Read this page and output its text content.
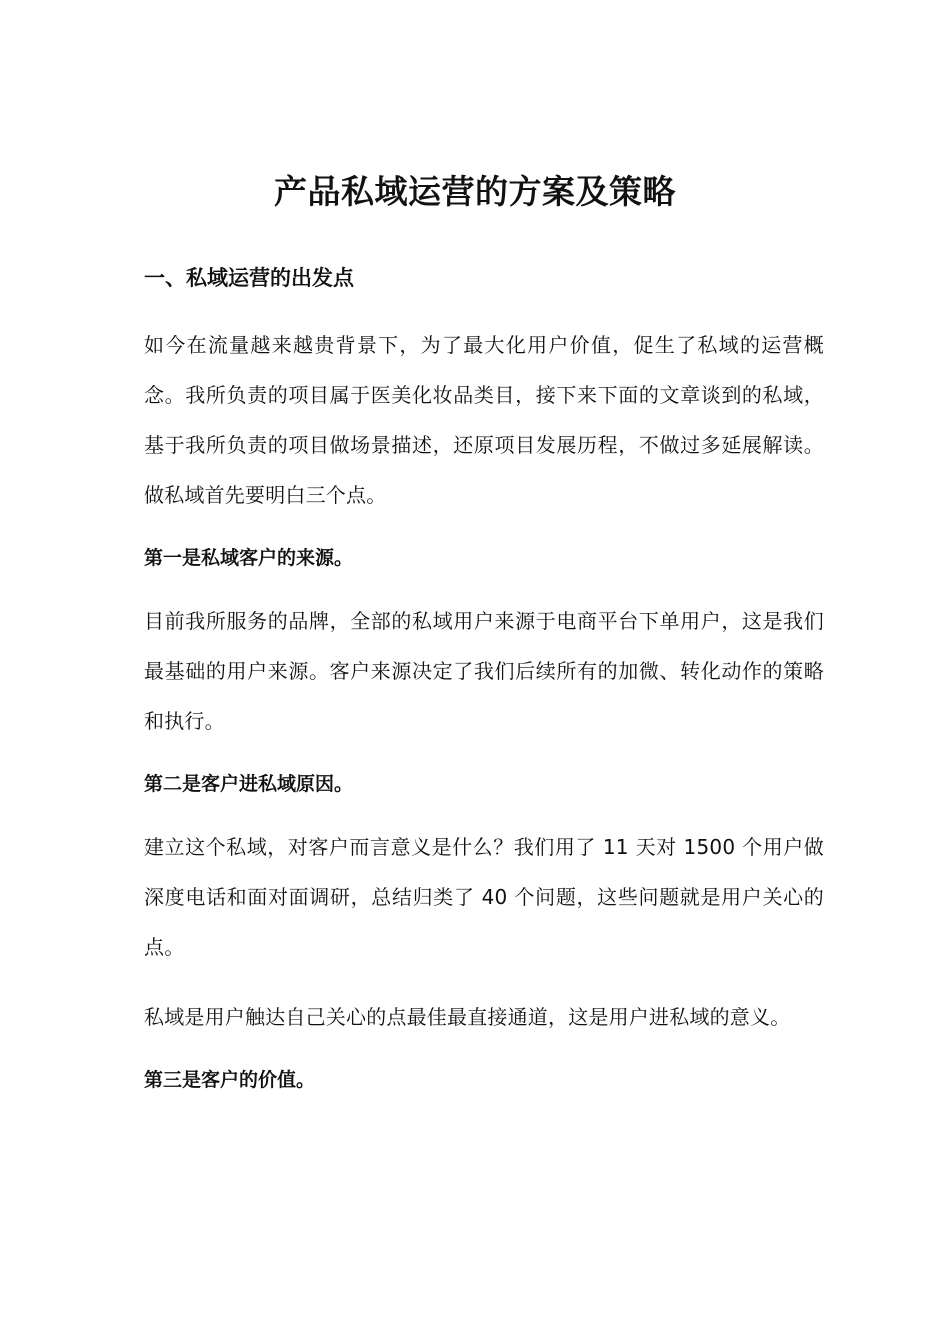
产品私域运营的方案及策略
一、私域运营的出发点

如今在流量越来越贵背景下，为了最大化用户价值，促生了私域的运营概念。我所负责的项目属于医美化妆品类目，接下来下面的文章谈到的私域，基于我所负责的项目做场景描述，还原项目发展历程，不做过多延展解读。做私域首先要明白三个点。

第一是私域客户的来源。

目前我所服务的品牌，全部的私域用户来源于电商平台下单用户，这是我们最基础的用户来源。客户来源决定了我们后续所有的加微、转化动作的策略和执行。

第二是客户进私域原因。

建立这个私域，对客户而言意义是什么？我们用了 11 天对 1500 个用户做深度电话和面对面调研，总结归类了 40 个问题，这些问题就是用户关心的点。

私域是用户触达自己关心的点最佳最直接通道，这是用户进私域的意义。

第三是客户的价值。
